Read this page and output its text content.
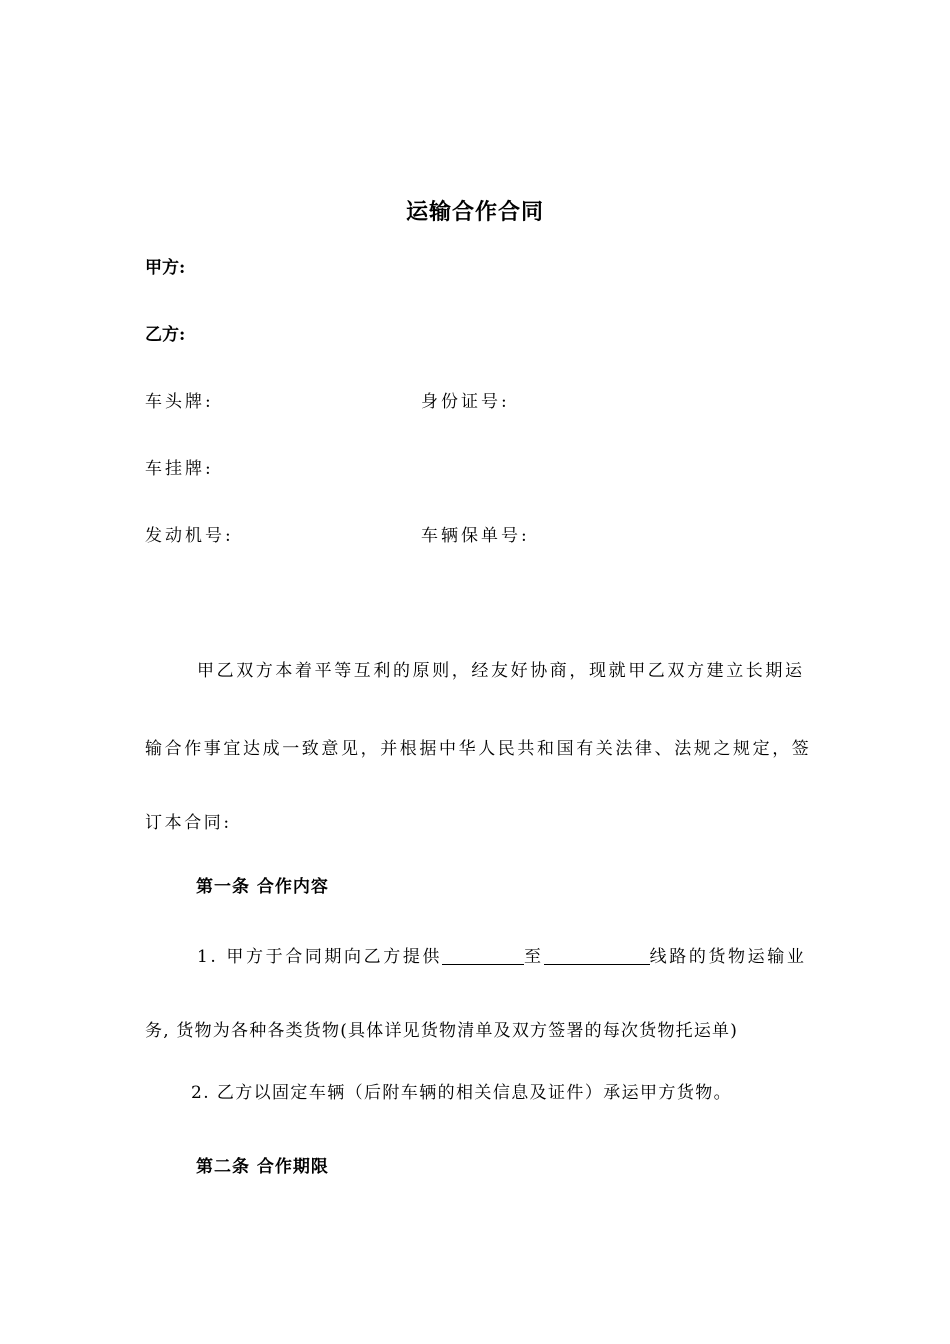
运输合作合同
甲方:
乙方:
车头牌:	身份证号:
车挂牌:
发动机号:	车辆保单号:
甲乙双方本着平等互利的原则，经友好协商，现就甲乙双方建立长期运
输合作事宜达成一致意见，并根据中华人民共和国有关法律、法规之规定，签
订本合同:
第一条 合作内容
1. 甲方于合同期向乙方提供	至	线路的货物运输业
务, 货物为各种各类货物(具体详见货物清单及双方签署的每次货物托运单)
2. 乙方以固定车辆（后附车辆的相关信息及证件）承运甲方货物。
第二条 合作期限
